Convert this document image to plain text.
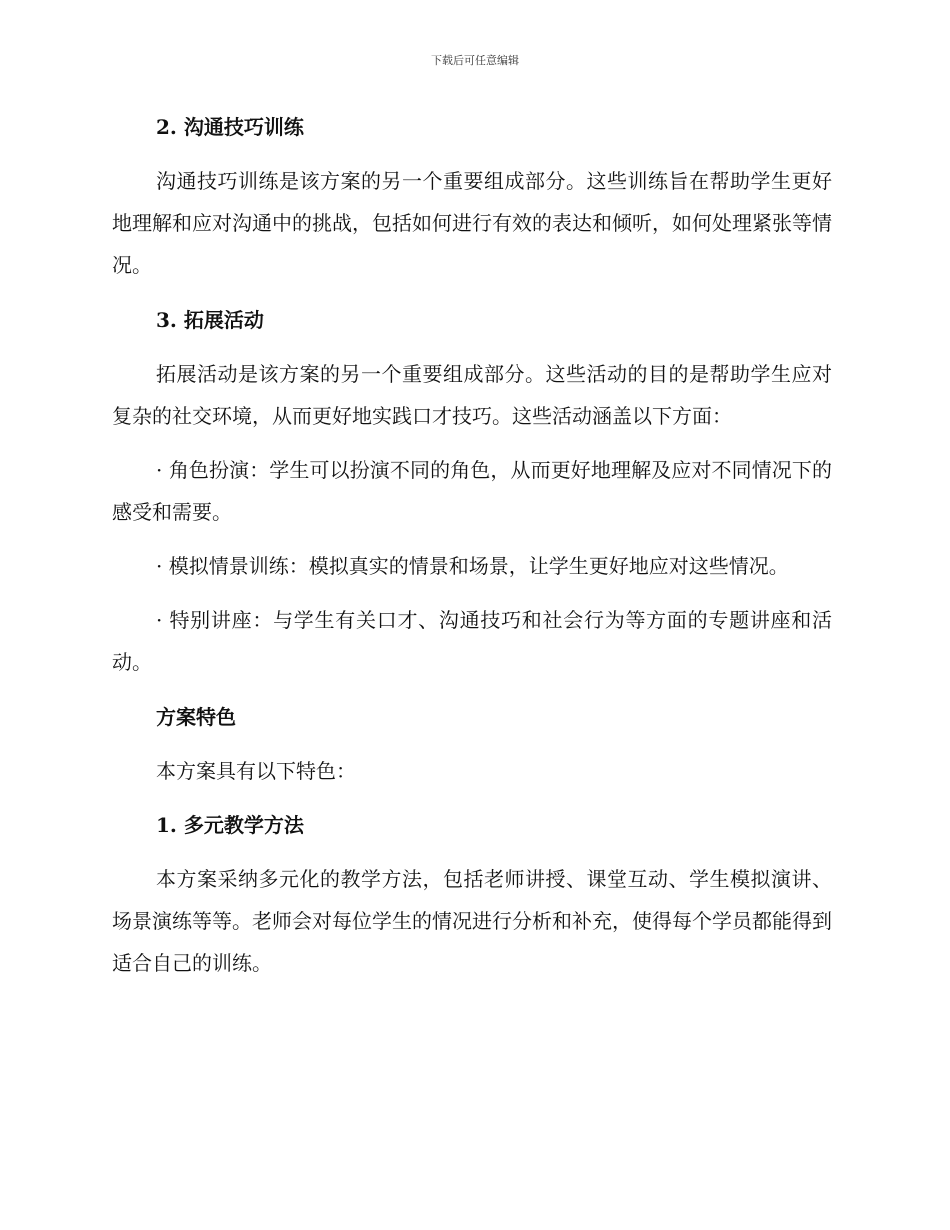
下载后可任意编辑
2. 沟通技巧训练

沟通技巧训练是该方案的另一个重要组成部分。这些训练旨在帮助学生更好地理解和应对沟通中的挑战，包括如何进行有效的表达和倾听，如何处理紧张等情况。

3. 拓展活动

拓展活动是该方案的另一个重要组成部分。这些活动的目的是帮助学生应对复杂的社交环境，从而更好地实践口才技巧。这些活动涵盖以下方面：

· 角色扮演：学生可以扮演不同的角色，从而更好地理解及应对不同情况下的感受和需要。

· 模拟情景训练：模拟真实的情景和场景，让学生更好地应对这些情况。

· 特别讲座：与学生有关口才、沟通技巧和社会行为等方面的专题讲座和活动。

方案特色

本方案具有以下特色：

1. 多元教学方法

本方案采纳多元化的教学方法，包括老师讲授、课堂互动、学生模拟演讲、场景演练等等。老师会对每位学生的情况进行分析和补充，使得每个学员都能得到适合自己的训练。
